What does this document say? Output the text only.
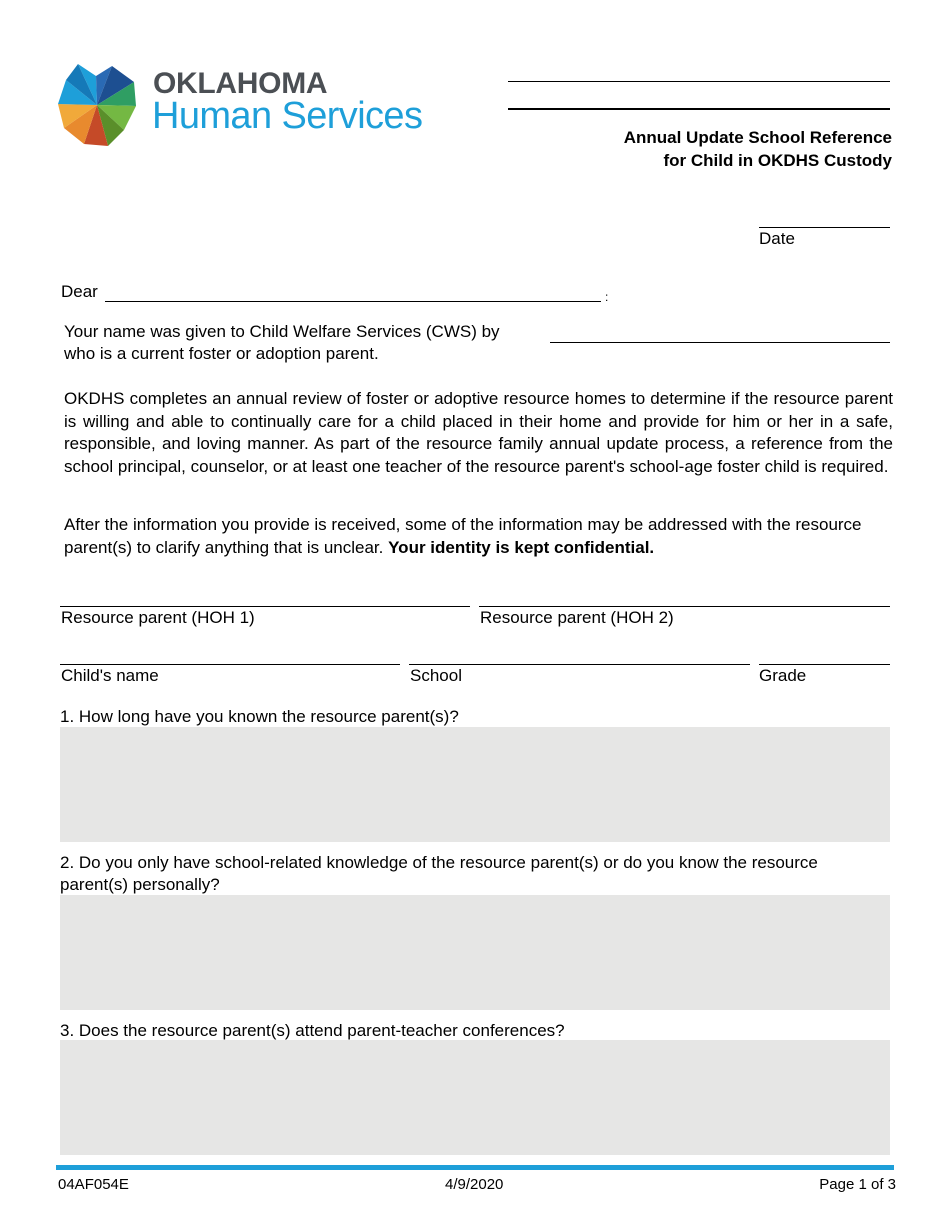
OKLAHOMA
Human Services
Annual Update School Reference
for Child in OKDHS Custody
Date
Dear	:
Your name was given to Child Welfare Services (CWS) by
who is a current foster or adoption parent.
OKDHS completes an annual review of foster or adoptive resource homes to determine if the resource parent is willing and able to continually care for a child placed in their home and provide for him or her in a safe, responsible, and loving manner. As part of the resource family annual update process, a reference from the school principal, counselor, or at least one teacher of the resource parent's school-age foster child is required.
After the information you provide is received, some of the information may be addressed with the resource parent(s) to clarify anything that is unclear. Your identity is kept confidential.
Resource parent (HOH 1)	Resource parent (HOH 2)
Child's name	School	Grade
1. How long have you known the resource parent(s)?
2. Do you only have school-related knowledge of the resource parent(s) or do you know the resource parent(s) personally?
3. Does the resource parent(s) attend parent-teacher conferences?
04AF054E	4/9/2020	Page 1 of 3
